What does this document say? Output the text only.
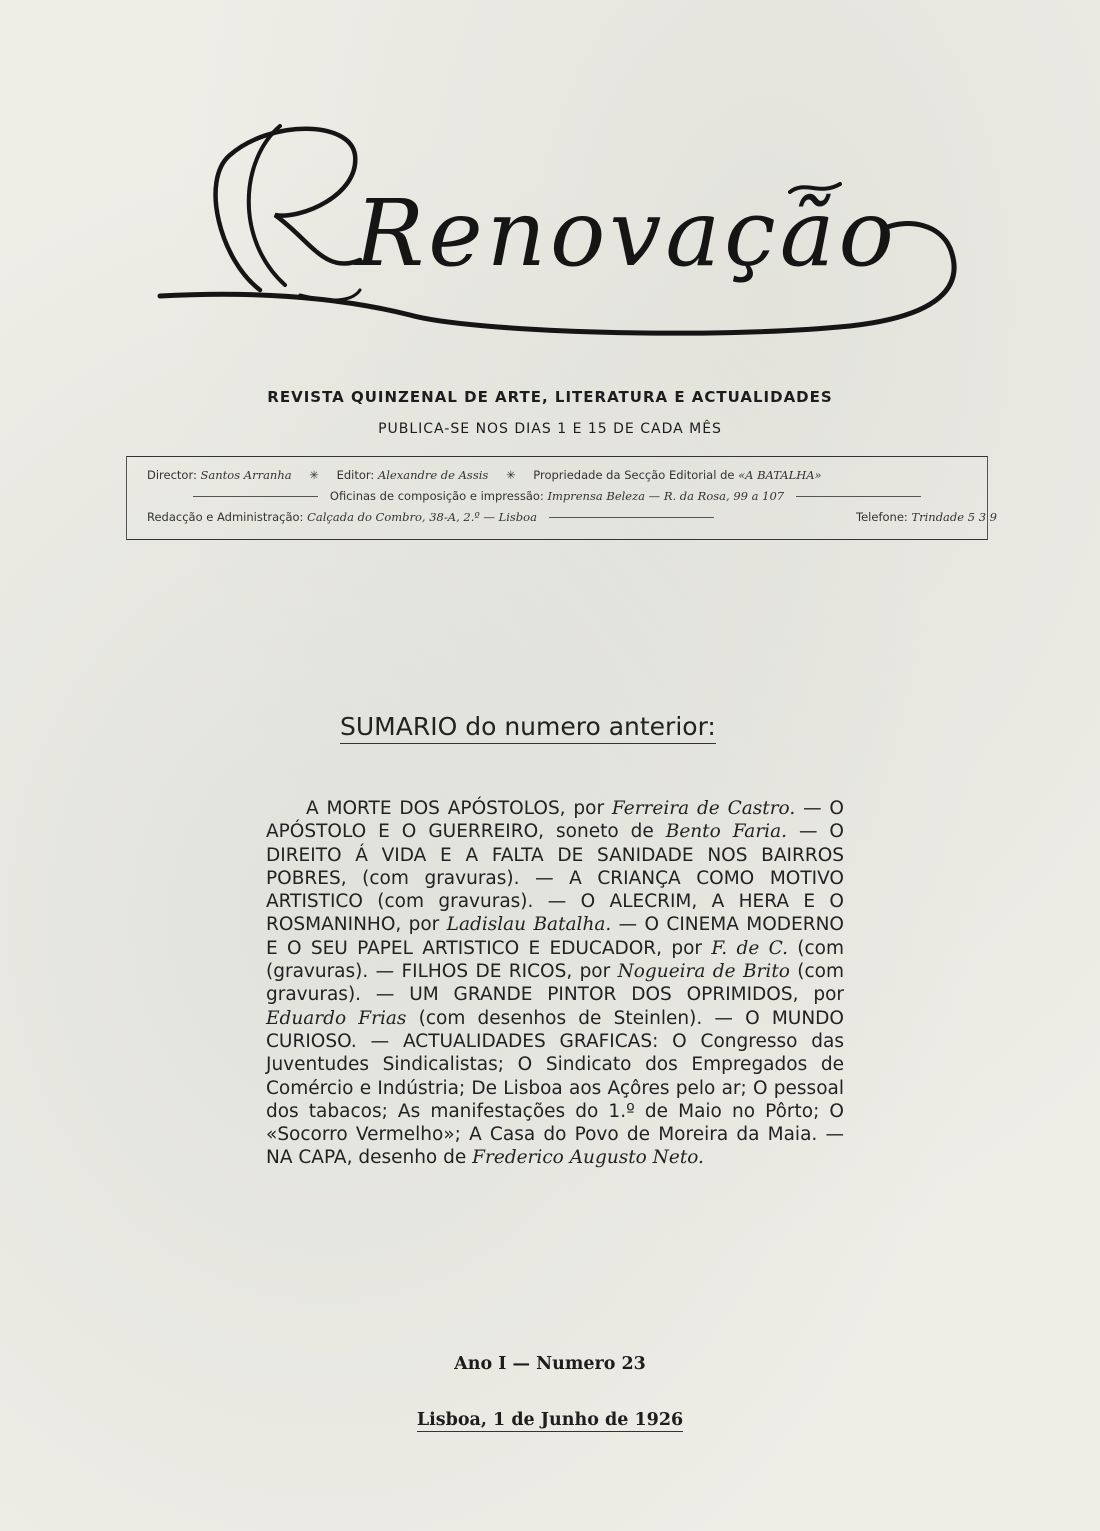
Renovação
REVISTA QUINZENAL DE ARTE, LITERATURA E ACTUALIDADES
PUBLICA-SE NOS DIAS 1 E 15 DE CADA MÊS
Director: Santos Arranha ✳ Editor: Alexandre de Assis ✳ Propriedade da Secção Editorial de «A BATALHA»
Oficinas de composição e impressão: Imprensa Beleza — R. da Rosa, 99 a 107
Redacção e Administração: Calçada do Combro, 38-A, 2.º — Lisboa	Telefone: Trindade 5 3 9
SUMARIO do numero anterior:

A MORTE DOS APÓSTOLOS, por Ferreira de Castro. — O APÓSTOLO E O GUERREIRO, soneto de Bento Faria. — O DIREITO Á VIDA E A FALTA DE SANIDADE NOS BAIRROS POBRES, (com gravuras). — A CRIANÇA COMO MOTIVO ARTISTICO (com gravuras). — O ALECRIM, A HERA E O ROSMANINHO, por Ladislau Batalha. — O CINEMA MODERNO E O SEU PAPEL ARTISTICO E EDUCADOR, por F. de C. (com (gravuras). — FILHOS DE RICOS, por Nogueira de Brito (com gravuras). — UM GRANDE PINTOR DOS OPRIMIDOS, por Eduardo Frias (com desenhos de Steinlen). — O MUNDO CURIOSO. — ACTUALIDADES GRAFICAS: O Congresso das Juventudes Sindicalistas; O Sindicato dos Empregados de Comércio e Indústria; De Lisboa aos Açôres pelo ar; O pessoal dos tabacos; As manifestações do 1.º de Maio no Pôrto; O «Socorro Vermelho»; A Casa do Povo de Moreira da Maia. — NA CAPA, desenho de Frederico Augusto Neto.

Ano I — Numero 23
Lisboa, 1 de Junho de 1926
